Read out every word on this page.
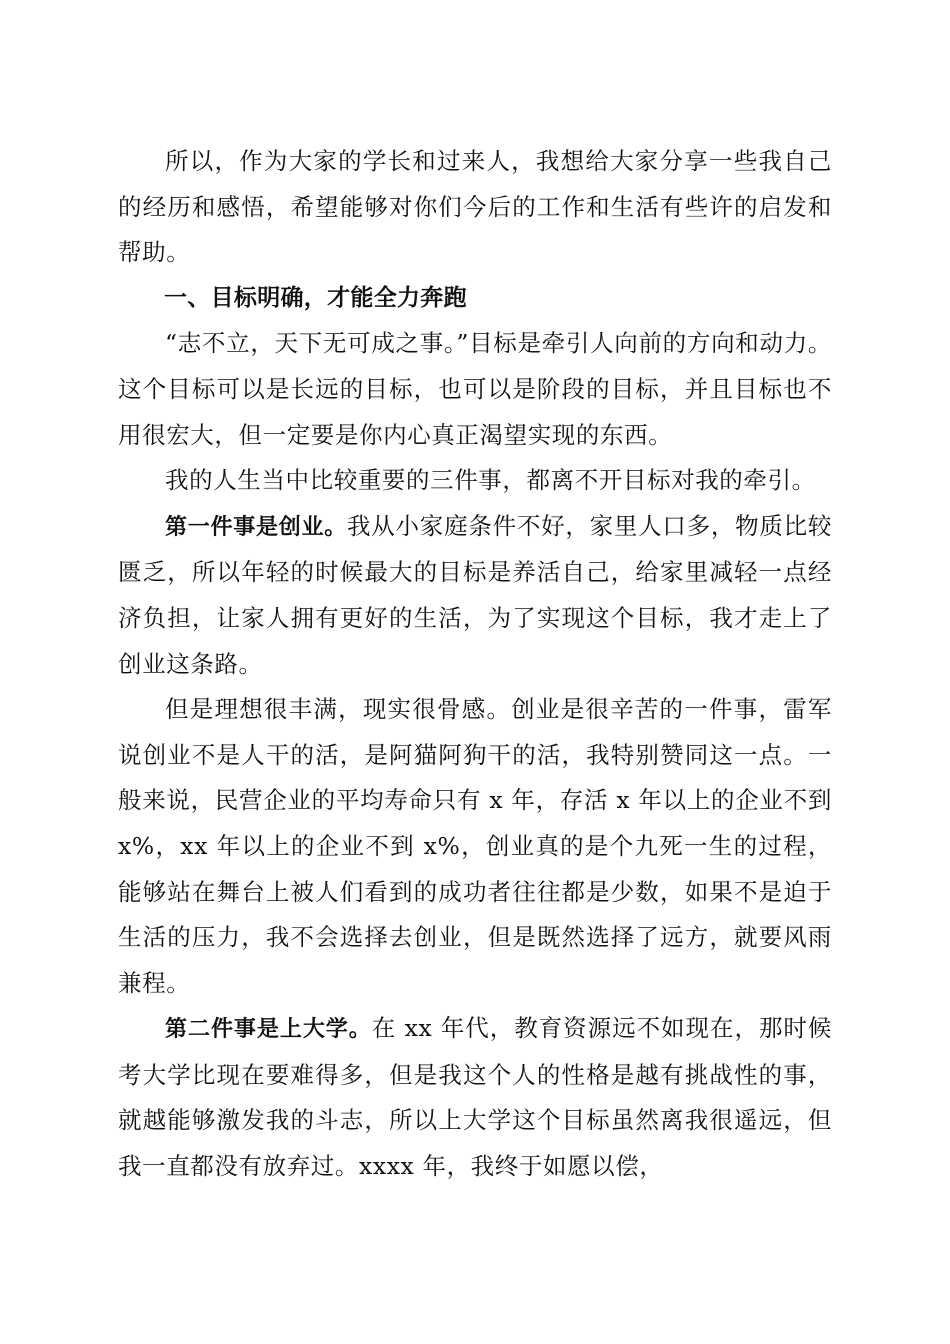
所以，作为大家的学长和过来人，我想给大家分享一些我自己的经历和感悟，希望能够对你们今后的工作和生活有些许的启发和帮助。

一、目标明确，才能全力奔跑

“志不立，天下无可成之事。”目标是牵引人向前的方向和动力。这个目标可以是长远的目标，也可以是阶段的目标，并且目标也不用很宏大，但一定要是你内心真正渴望实现的东西。

我的人生当中比较重要的三件事，都离不开目标对我的牵引。

第一件事是创业。我从小家庭条件不好，家里人口多，物质比较匮乏，所以年轻的时候最大的目标是养活自己，给家里减轻一点经济负担，让家人拥有更好的生活，为了实现这个目标，我才走上了创业这条路。

但是理想很丰满，现实很骨感。创业是很辛苦的一件事，雷军说创业不是人干的活，是阿猫阿狗干的活，我特别赞同这一点。一般来说，民营企业的平均寿命只有 x 年，存活 x 年以上的企业不到 x%，xx 年以上的企业不到 x%，创业真的是个九死一生的过程，能够站在舞台上被人们看到的成功者往往都是少数，如果不是迫于生活的压力，我不会选择去创业，但是既然选择了远方，就要风雨兼程。

第二件事是上大学。在 xx 年代，教育资源远不如现在，那时候考大学比现在要难得多，但是我这个人的性格是越有挑战性的事，就越能够激发我的斗志，所以上大学这个目标虽然离我很遥远，但我一直都没有放弃过。xxxx 年，我终于如愿以偿，
